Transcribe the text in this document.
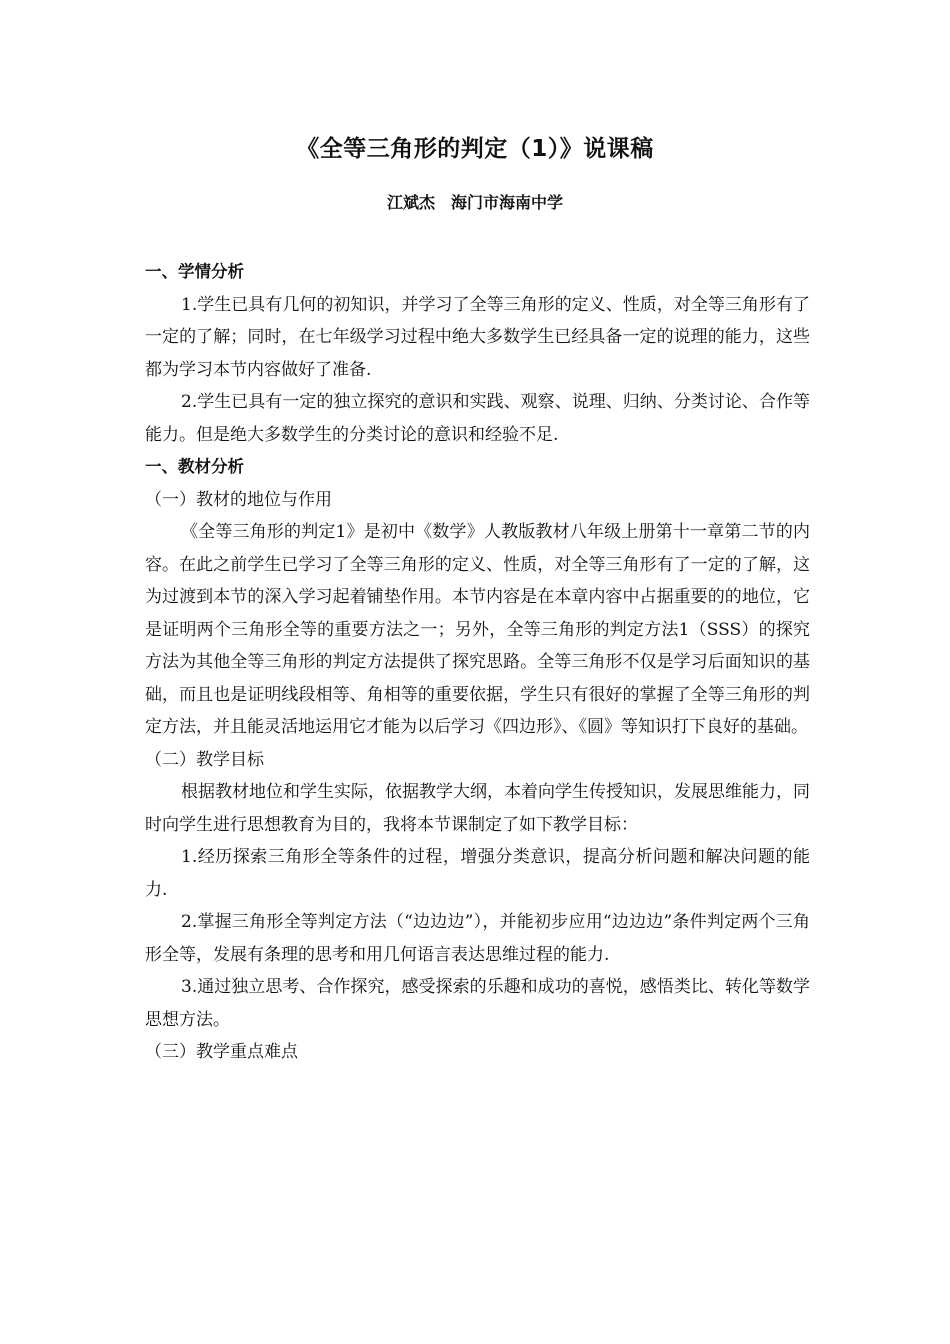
《全等三角形的判定（1）》说课稿
江斌杰 海门市海南中学

一、学情分析

1.学生已具有几何的初知识，并学习了全等三角形的定义、性质，对全等三角形有了一定的了解；同时，在七年级学习过程中绝大多数学生已经具备一定的说理的能力，这些都为学习本节内容做好了准备.

2.学生已具有一定的独立探究的意识和实践、观察、说理、归纳、分类讨论、合作等能力。但是绝大多数学生的分类讨论的意识和经验不足.

一、教材分析

（一）教材的地位与作用

《全等三角形的判定1》是初中《数学》人教版教材八年级上册第十一章第二节的内容。在此之前学生已学习了全等三角形的定义、性质，对全等三角形有了一定的了解，这为过渡到本节的深入学习起着铺垫作用。本节内容是在本章内容中占据重要的的地位，它是证明两个三角形全等的重要方法之一；另外，全等三角形的判定方法1（SSS）的探究方法为其他全等三角形的判定方法提供了探究思路。全等三角形不仅是学习后面知识的基础，而且也是证明线段相等、角相等的重要依据，学生只有很好的掌握了全等三角形的判定方法，并且能灵活地运用它才能为以后学习《四边形》、《圆》等知识打下良好的基础。

（二）教学目标

根据教材地位和学生实际，依据教学大纲，本着向学生传授知识，发展思维能力，同时向学生进行思想教育为目的，我将本节课制定了如下教学目标：

1.经历探索三角形全等条件的过程，增强分类意识，提高分析问题和解决问题的能力.

2.掌握三角形全等判定方法（“边边边”），并能初步应用“边边边”条件判定两个三角形全等，发展有条理的思考和用几何语言表达思维过程的能力.

3.通过独立思考、合作探究，感受探索的乐趣和成功的喜悦，感悟类比、转化等数学思想方法。

（三）教学重点难点
